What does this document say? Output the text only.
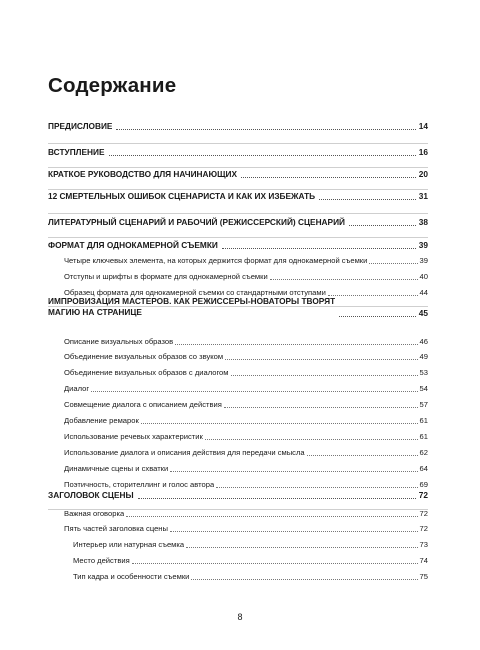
Содержание
ПРЕДИСЛОВИЕ	14
ВСТУПЛЕНИЕ	16
КРАТКОЕ РУКОВОДСТВО ДЛЯ НАЧИНАЮЩИХ	20
12 СМЕРТЕЛЬНЫХ ОШИБОК СЦЕНАРИСТА И КАК ИХ ИЗБЕЖАТЬ	31
ЛИТЕРАТУРНЫЙ СЦЕНАРИЙ И РАБОЧИЙ (РЕЖИССЕРСКИЙ) СЦЕНАРИЙ	38
ФОРМАТ ДЛЯ ОДНОКАМЕРНОЙ СЪЕМКИ	39
Четыре ключевых элемента, на которых держится формат для однокамерной съемки	39
Отступы и шрифты в формате для однокамерной съемки	40
Образец формата для однокамерной съемки со стандартными отступами	44
ИМПРОВИЗАЦИЯ МАСТЕРОВ. КАК РЕЖИССЕРЫ-НОВАТОРЫ ТВОРЯТ
МАГИЮ НА СТРАНИЦЕ	45
Описание визуальных образов	46
Объединение визуальных образов со звуком	49
Объединение визуальных образов с диалогом	53
Диалог	54
Совмещение диалога с описанием действия	57
Добавление ремарок	61
Использование речевых характеристик	61
Использование диалога и описания действия для передачи смысла	62
Динамичные сцены и схватки	64
Поэтичность, сторителлинг и голос автора	69
ЗАГОЛОВОК СЦЕНЫ	72
Важная оговорка	72
Пять частей заголовка сцены	72
Интерьер или натурная съемка	73
Место действия	74
Тип кадра и особенности съемки	75
8
